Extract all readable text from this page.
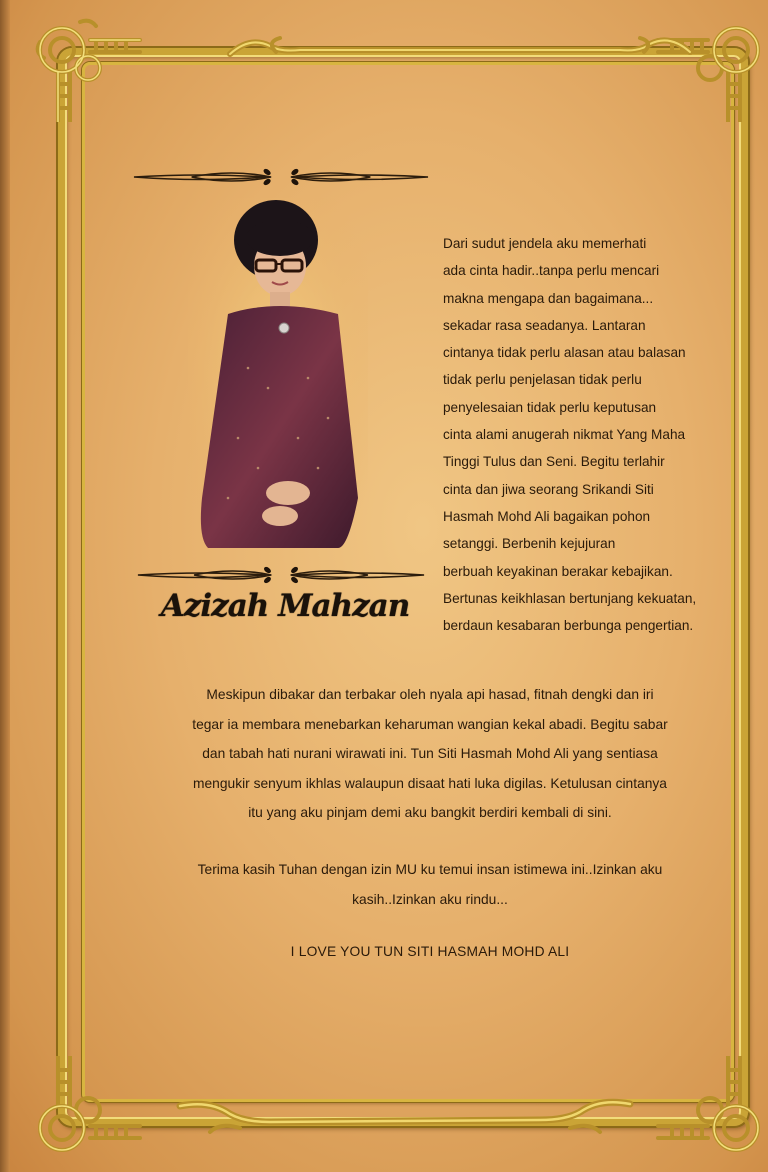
Azizah Mahzan
Dari sudut jendela aku memerhati
ada cinta hadir..tanpa perlu mencari
makna mengapa dan bagaimana...
sekadar rasa seadanya. Lantaran
cintanya tidak perlu alasan atau balasan
tidak perlu penjelasan tidak perlu
penyelesaian tidak perlu keputusan
cinta alami anugerah nikmat Yang Maha
Tinggi Tulus dan Seni. Begitu terlahir
cinta dan jiwa seorang Srikandi Siti
Hasmah Mohd Ali bagaikan pohon
setanggi. Berbenih kejujuran
berbuah keyakinan berakar kebajikan.
Bertunas keikhlasan bertunjang kekuatan,
berdaun kesabaran berbunga pengertian.
Meskipun dibakar dan terbakar oleh nyala api hasad, fitnah dengki dan iri
tegar ia membara menebarkan keharuman wangian kekal abadi. Begitu sabar
dan tabah hati nurani wirawati ini. Tun Siti Hasmah Mohd Ali yang sentiasa
mengukir senyum ikhlas walaupun disaat hati luka digilas. Ketulusan cintanya
itu yang aku pinjam demi aku bangkit berdiri kembali di sini.
Terima kasih Tuhan dengan izin MU ku temui insan istimewa ini..Izinkan aku
kasih..Izinkan aku rindu...
I LOVE YOU TUN SITI HASMAH MOHD ALI
